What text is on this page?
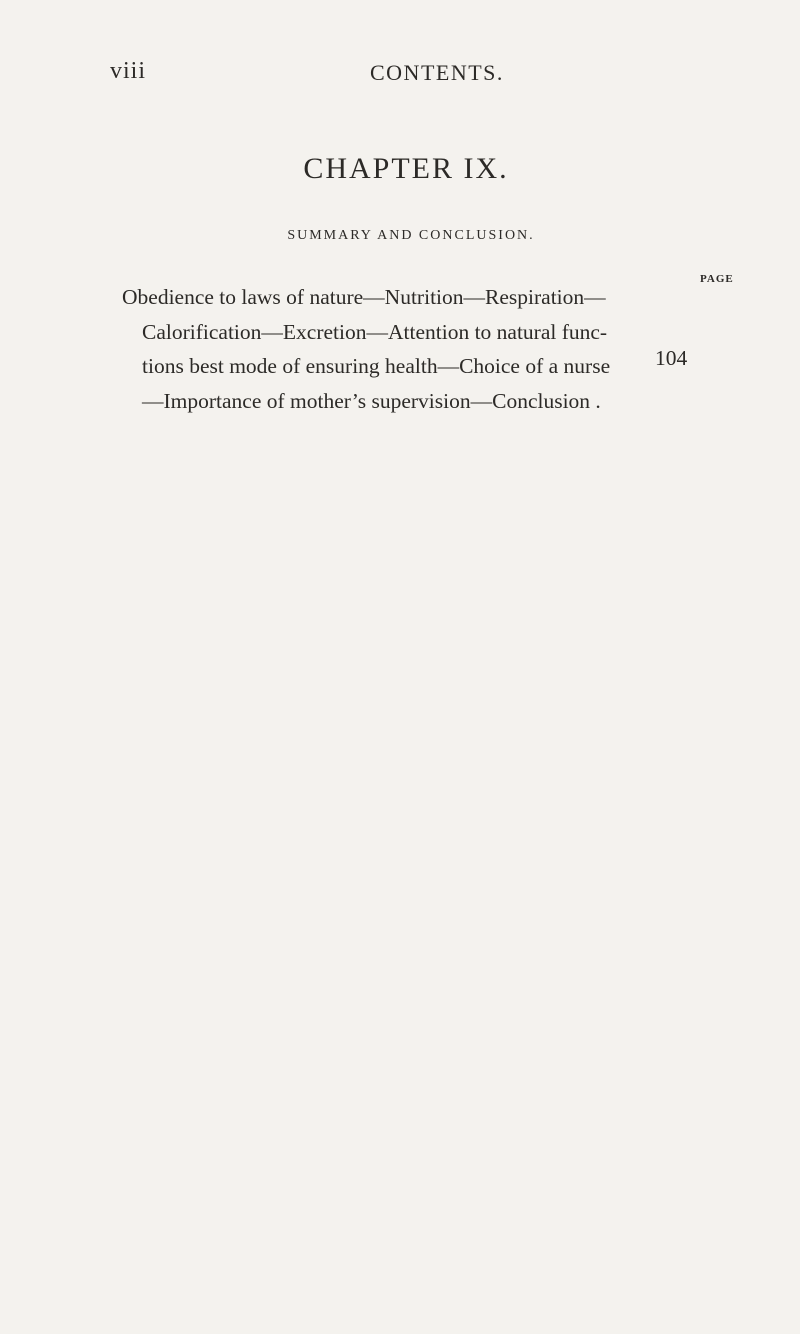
viii	CONTENTS.
CHAPTER IX.
SUMMARY AND CONCLUSION.
PAGE
Obedience to laws of nature—Nutrition—Respiration—
Calorification—Excretion—Attention to natural func-
tions best mode of ensuring health—Choice of a nurse
—Importance of mother’s supervision—Conclusion .
104
